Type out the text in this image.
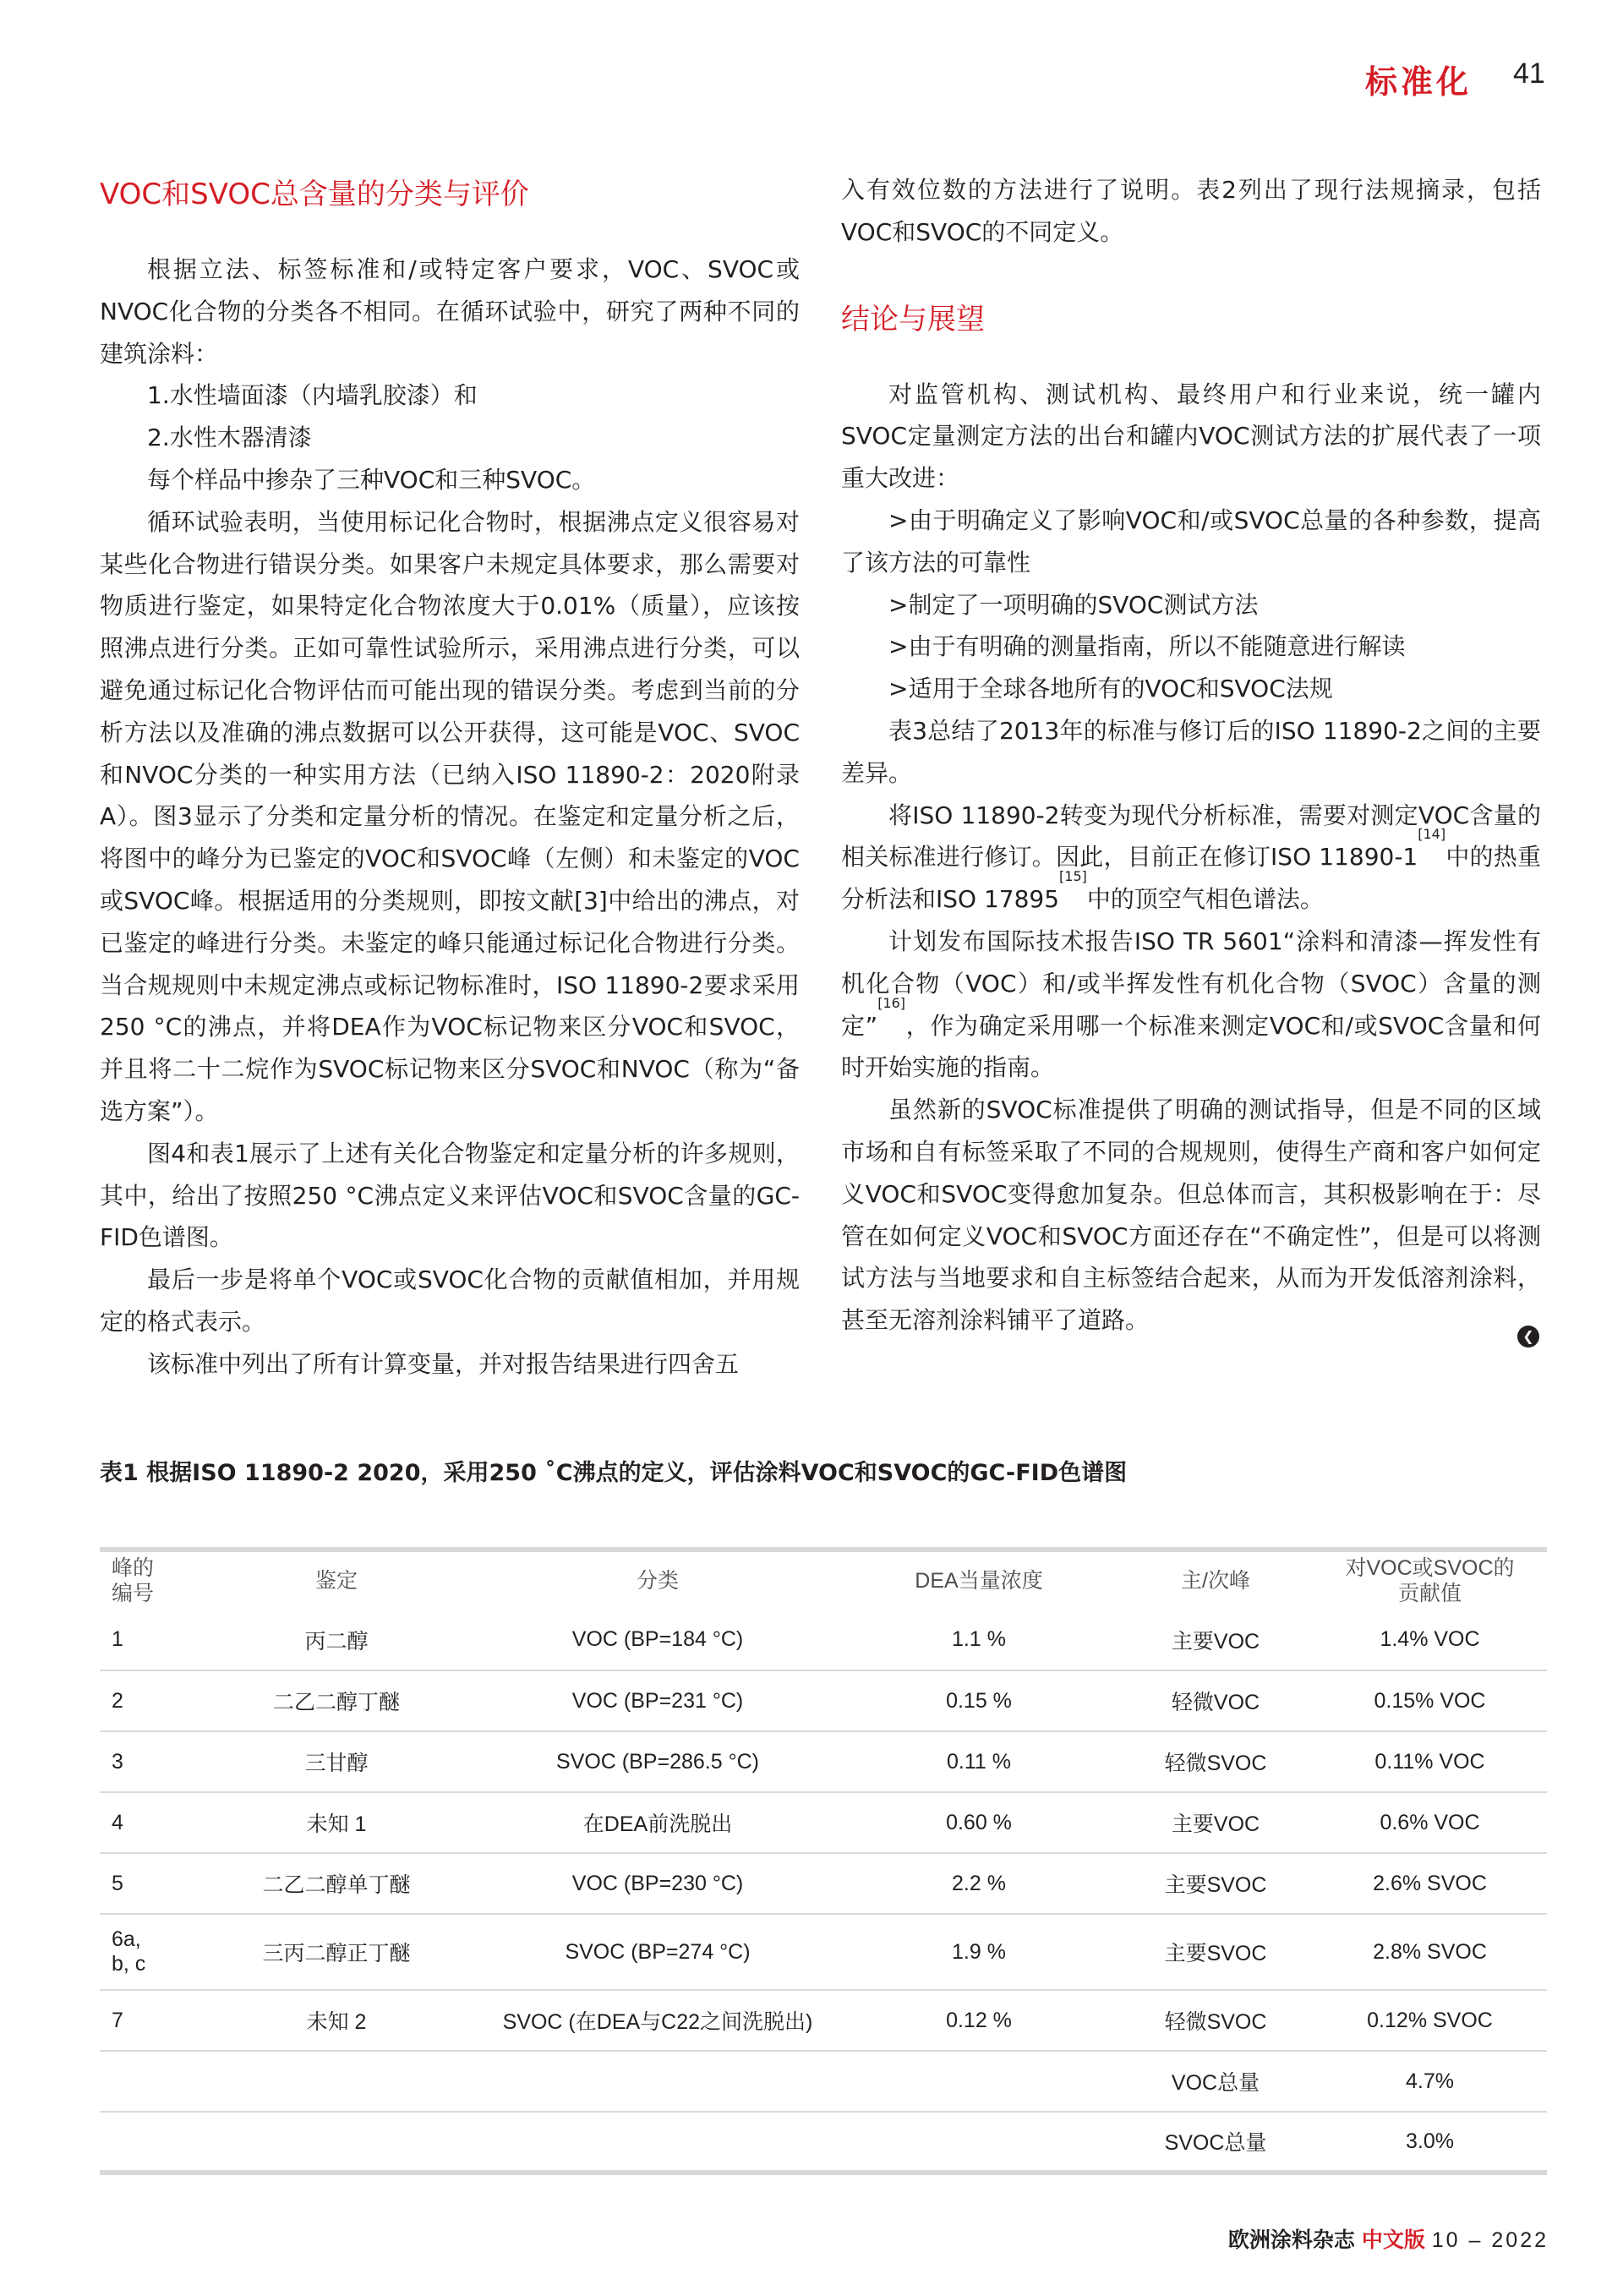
标准化 41
VOC和SVOC总含量的分类与评价

根据立法、标签标准和/或特定客户要求，VOC、SVOC或NVOC化合物的分类各不相同。在循环试验中，研究了两种不同的建筑涂料：

1.水性墙面漆（内墙乳胶漆）和

2.水性木器清漆

每个样品中掺杂了三种VOC和三种SVOC。

循环试验表明，当使用标记化合物时，根据沸点定义很容易对某些化合物进行错误分类。如果客户未规定具体要求，那么需要对物质进行鉴定，如果特定化合物浓度大于0.01%（质量），应该按照沸点进行分类。正如可靠性试验所示，采用沸点进行分类，可以避免通过标记化合物评估而可能出现的错误分类。考虑到当前的分析方法以及准确的沸点数据可以公开获得，这可能是VOC、SVOC和NVOC分类的一种实用方法（已纳入ISO 11890-2：2020附录A）。图3显示了分类和定量分析的情况。在鉴定和定量分析之后，将图中的峰分为已鉴定的VOC和SVOC峰（左侧）和未鉴定的VOC或SVOC峰。根据适用的分类规则，即按文献[3]中给出的沸点，对已鉴定的峰进行分类。未鉴定的峰只能通过标记化合物进行分类。当合规规则中未规定沸点或标记物标准时，ISO 11890-2要求采用250 °C的沸点，并将DEA作为VOC标记物来区分VOC和SVOC，并且将二十二烷作为SVOC标记物来区分SVOC和NVOC（称为“备选方案”）。

图4和表1展示了上述有关化合物鉴定和定量分析的许多规则，其中，给出了按照250 °C沸点定义来评估VOC和SVOC含量的GC-FID色谱图。

最后一步是将单个VOC或SVOC化合物的贡献值相加，并用规定的格式表示。

该标准中列出了所有计算变量，并对报告结果进行四舍五

入有效位数的方法进行了说明。表2列出了现行法规摘录，包括VOC和SVOC的不同定义。

结论与展望

对监管机构、测试机构、最终用户和行业来说，统一罐内SVOC定量测定方法的出台和罐内VOC测试方法的扩展代表了一项重大改进：

>由于明确定义了影响VOC和/或SVOC总量的各种参数，提高了该方法的可靠性

>制定了一项明确的SVOC测试方法

>由于有明确的测量指南，所以不能随意进行解读

>适用于全球各地所有的VOC和SVOC法规

表3总结了2013年的标准与修订后的ISO 11890-2之间的主要差异。

将ISO 11890-2转变为现代分析标准，需要对测定VOC含量的相关标准进行修订。因此，目前正在修订ISO 11890-1[14]中的热重分析法和ISO 17895[15]中的顶空气相色谱法。

计划发布国际技术报告ISO TR 5601“涂料和清漆—挥发性有机化合物（VOC）和/或半挥发性有机化合物（SVOC）含量的测定”[16]，作为确定采用哪一个标准来测定VOC和/或SVOC含量和何时开始实施的指南。

虽然新的SVOC标准提供了明确的测试指导，但是不同的区域市场和自有标签采取了不同的合规规则，使得生产商和客户如何定义VOC和SVOC变得愈加复杂。但总体而言，其积极影响在于：尽管在如何定义VOC和SVOC方面还存在“不确定性”，但是可以将测试方法与当地要求和自主标签结合起来，从而为开发低溶剂涂料，甚至无溶剂涂料铺平了道路。

❮
表1 根据ISO 11890-2 2020，采用250 ˚C沸点的定义，评估涂料VOC和SVOC的GC-FID色谱图
峰的
编号	鉴定	分类	DEA当量浓度	主/次峰	对VOC或SVOC的
贡献值
1	丙二醇	VOC (BP=184 °C)	1.1 %	主要VOC	1.4% VOC
2	二乙二醇丁醚	VOC (BP=231 °C)	0.15 %	轻微VOC	0.15% VOC
3	三甘醇	SVOC (BP=286.5 °C)	0.11 %	轻微SVOC	0.11% VOC
4	未知 1	在DEA前洗脱出	0.60 %	主要VOC	0.6% VOC
5	二乙二醇单丁醚	VOC (BP=230 °C)	2.2 %	主要SVOC	2.6% SVOC
6a,
b, c	三丙二醇正丁醚	SVOC (BP=274 °C)	1.9 %	主要SVOC	2.8% SVOC
7	未知 2	SVOC (在DEA与C22之间洗脱出)	0.12 %	轻微SVOC	0.12% SVOC
				VOC总量	4.7%
				SVOC总量	3.0%
欧洲涂料杂志 中文版 10 – 2022
